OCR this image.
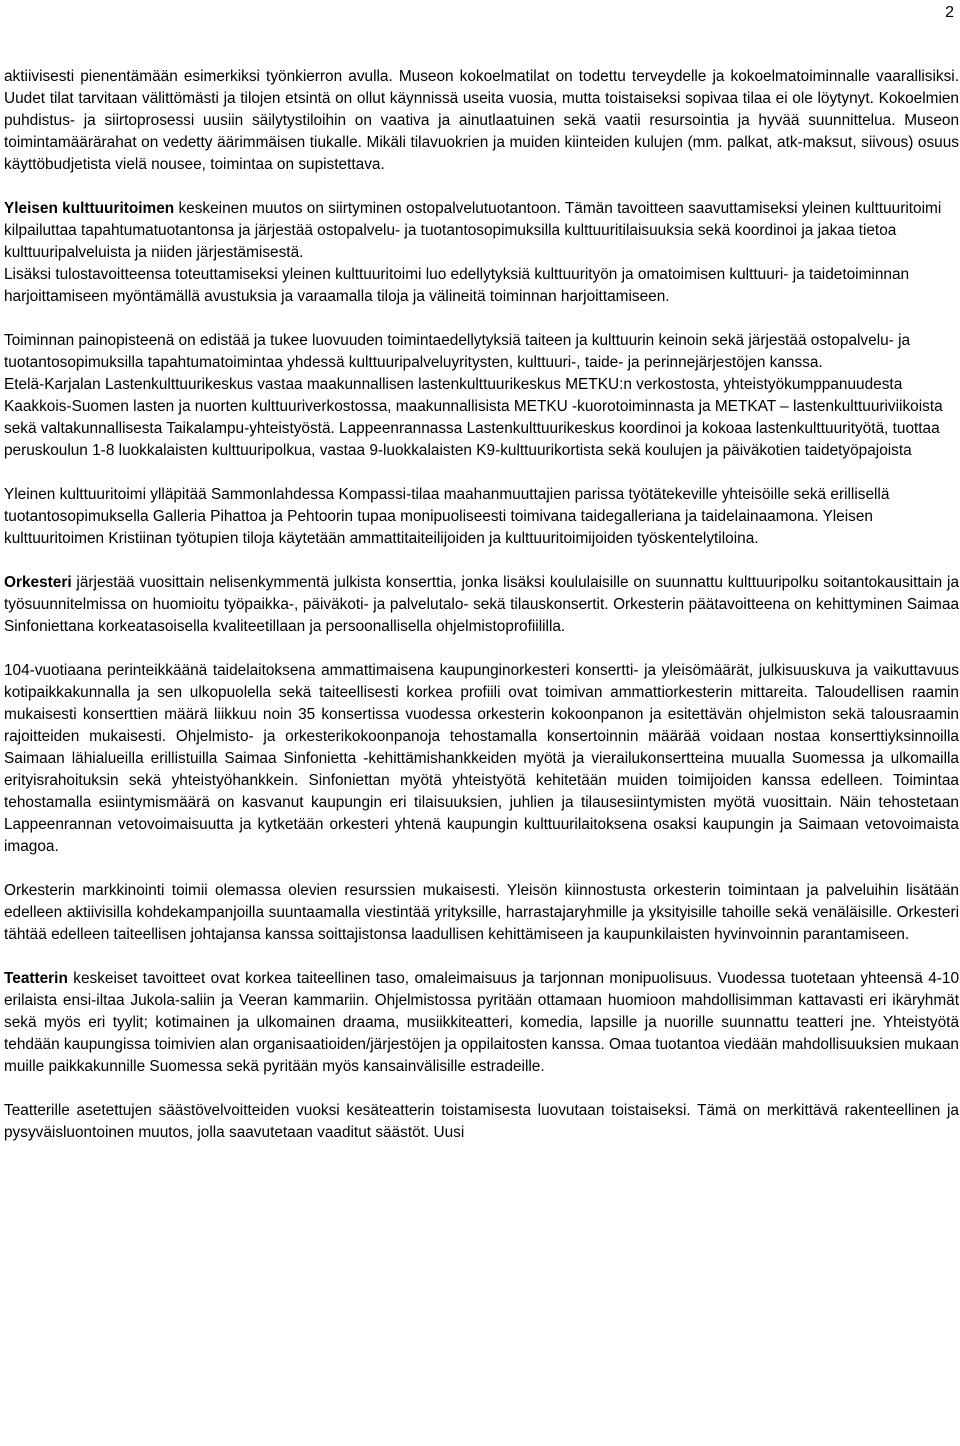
2

aktiivisesti pienentämään esimerkiksi työnkierron avulla. Museon kokoelmatilat on todettu terveydelle ja kokoelmatoiminnalle vaarallisiksi. Uudet tilat tarvitaan välittömästi ja tilojen etsintä on ollut käynnissä useita vuosia, mutta toistaiseksi sopivaa tilaa ei ole löytynyt. Kokoelmien puhdistus- ja siirtoprosessi uusiin säilytystiloihin on vaativa ja ainutlaatuinen sekä vaatii resursointia ja hyvää suunnittelua. Museon toimintamäärärahat on vedetty äärimmäisen tiukalle. Mikäli tilavuokrien ja muiden kiinteiden kulujen (mm. palkat, atk-maksut, siivous) osuus käyttöbudjetista vielä nousee, toimintaa on supistettava.

Yleisen kulttuuritoimen keskeinen muutos on siirtyminen ostopalvelutuotantoon. Tämän tavoitteen saavuttamiseksi yleinen kulttuuritoimi kilpailuttaa tapahtumatuotantonsa ja järjestää ostopalvelu- ja tuotantosopimuksilla kulttuuritilaisuuksia sekä koordinoi ja jakaa tietoa kulttuuripalveluista ja niiden järjestämisestä.

Lisäksi tulostavoitteensa toteuttamiseksi yleinen kulttuuritoimi luo edellytyksiä kulttuurityön ja omatoimisen kulttuuri- ja taidetoiminnan harjoittamiseen myöntämällä avustuksia ja varaamalla tiloja ja välineitä toiminnan harjoittamiseen.

Toiminnan painopisteenä on edistää ja tukee luovuuden toimintaedellytyksiä taiteen ja kulttuurin keinoin sekä järjestää ostopalvelu- ja tuotantosopimuksilla tapahtumatoimintaa yhdessä kulttuuripalveluyritysten, kulttuuri-, taide- ja perinnejärjestöjen kanssa.

Etelä-Karjalan Lastenkulttuurikeskus vastaa maakunnallisen lastenkulttuurikeskus METKU:n verkostosta, yhteistyökumppanuudesta Kaakkois-Suomen lasten ja nuorten kulttuuriverkostossa, maakunnallisista METKU -kuorotoiminnasta ja METKAT – lastenkulttuuriviikoista sekä valtakunnallisesta Taikalampu-yhteistyöstä. Lappeenrannassa Lastenkulttuurikeskus koordinoi ja kokoaa lastenkulttuurityötä, tuottaa peruskoulun 1-8 luokkalaisten kulttuuripolkua, vastaa 9-luokkalaisten K9-kulttuurikortista sekä koulujen ja päiväkotien taidetyöpajoista

Yleinen kulttuuritoimi ylläpitää Sammonlahdessa Kompassi-tilaa maahanmuuttajien parissa työtätekeville yhteisöille sekä erillisellä tuotantosopimuksella Galleria Pihattoa ja Pehtoorin tupaa monipuoliseesti toimivana taidegalleriana ja taidelainaamona. Yleisen kulttuuritoimen Kristiinan työtupien tiloja käytetään ammattitaiteilijoiden ja kulttuuritoimijoiden työskentelytiloina.

Orkesteri järjestää vuosittain nelisenkymmentä julkista konserttia, jonka lisäksi koululaisille on suunnattu kulttuuripolku soitantokausittain ja työsuunnitelmissa on huomioitu työpaikka-, päiväkoti- ja palvelutalo- sekä tilauskonsertit. Orkesterin päätavoitteena on kehittyminen Saimaa Sinfoniettana korkeatasoisella kvaliteetillaan ja persoonallisella ohjelmistoprofiililla.

104-vuotiaana perinteikkäänä taidelaitoksena ammattimaisena kaupunginorkesteri konsertti- ja yleisömäärät, julkisuuskuva ja vaikuttavuus kotipaikkakunnalla ja sen ulkopuolella sekä taiteellisesti korkea profiili ovat toimivan ammattiorkesterin mittareita. Taloudellisen raamin mukaisesti konserttien määrä liikkuu noin 35 konsertissa vuodessa orkesterin kokoonpanon ja esitettävän ohjelmiston sekä talousraamin rajoitteiden mukaisesti. Ohjelmisto- ja orkesterikokoonpanoja tehostamalla konsertoinnin määrää voidaan nostaa konserttiyksinnoilla Saimaan lähialueilla erillistuilla Saimaa Sinfonietta -kehittämishankkeiden myötä ja vierailukonsertteina muualla Suomessa ja ulkomailla erityisrahoituksin sekä yhteistyöhankkein. Sinfoniettan myötä yhteistyötä kehitetään muiden toimijoiden kanssa edelleen. Toimintaa tehostamalla esiintymismäärä on kasvanut kaupungin eri tilaisuuksien, juhlien ja tilausesiintymisten myötä vuosittain. Näin tehostetaan Lappeenrannan vetovoimaisuutta ja kytketään orkesteri yhtenä kaupungin kulttuurilaitoksena osaksi kaupungin ja Saimaan vetovoimaista imagoa.

Orkesterin markkinointi toimii olemassa olevien resurssien mukaisesti. Yleisön kiinnostusta orkesterin toimintaan ja palveluihin lisätään edelleen aktiivisilla kohdekampanjoilla suuntaamalla viestintää yrityksille, harrastajaryhmille ja yksityisille tahoille sekä venäläisille. Orkesteri tähtää edelleen taiteellisen johtajansa kanssa soittajistonsa laadullisen kehittämiseen ja kaupunkilaisten hyvinvoinnin parantamiseen.

Teatterin keskeiset tavoitteet ovat korkea taiteellinen taso, omaleimaisuus ja tarjonnan monipuolisuus. Vuodessa tuotetaan yhteensä 4-10 erilaista ensi-iltaa Jukola-saliin ja Veeran kammariin. Ohjelmistossa pyritään ottamaan huomioon mahdollisimman kattavasti eri ikäryhmät sekä myös eri tyylit; kotimainen ja ulkomainen draama, musiikkiteatteri, komedia, lapsille ja nuorille suunnattu teatteri jne. Yhteistyötä tehdään kaupungissa toimivien alan organisaatioiden/järjestöjen ja oppilaitosten kanssa. Omaa tuotantoa viedään mahdollisuuksien mukaan muille paikkakunnille Suomessa sekä pyritään myös kansainvälisille estradeille.

Teatterille asetettujen säästövelvoitteiden vuoksi kesäteatterin toistamisesta luovutaan toistaiseksi. Tämä on merkittävä rakenteellinen ja pysyväisluontoinen muutos, jolla saavutetaan vaaditut säästöt. Uusi
